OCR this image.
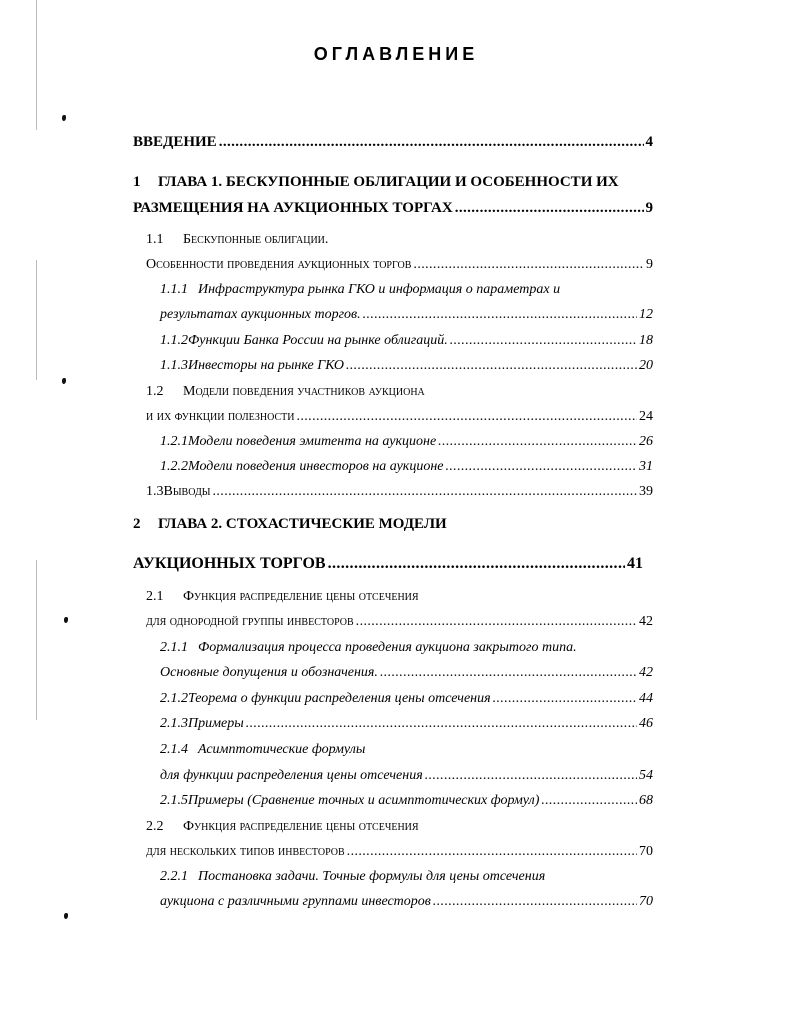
ОГЛАВЛЕНИЕ
ВВЕДЕНИЕ .....	4
1 ГЛАВА 1. БЕСКУПОННЫЕ ОБЛИГАЦИИ И ОСОБЕННОСТИ ИХ
РАЗМЕЩЕНИЯ НА АУКЦИОННЫХ ТОРГАХ .....	9
1.1 Бескупонные облигации.
Особенности проведения аукционных торгов .....	9
1.1.1 Инфраструктура рынка ГКО и информация о параметрах и
результатах аукционных торгов. .....	12
1.1.2 Функции Банка России на рынке облигаций. .....	18
1.1.3 Инвесторы на рынке ГКО .....	20
1.2 Модели поведения участников аукциона
и их функции полезности .....	24
1.2.1 Модели поведения эмитента на аукционе .....	26
1.2.2 Модели поведения инвесторов на аукционе .....	31
1.3 Выводы .....	39
2 ГЛАВА 2. СТОХАСТИЧЕСКИЕ МОДЕЛИ
АУКЦИОННЫХ ТОРГОВ .....	41
2.1 Функция распределение цены отсечения
для однородной группы инвесторов .....	42
2.1.1 Формализация процесса проведения аукциона закрытого типа.
Основные допущения и обозначения. .....	42
2.1.2 Теорема о функции распределения цены отсечения .....	44
2.1.3 Примеры .....	46
2.1.4 Асимптотические формулы
для функции распределения цены отсечения .....	54
2.1.5 Примеры (Сравнение точных и асимптотических формул) .....	68
2.2 Функция распределение цены отсечения
для нескольких типов инвесторов .....	70
2.2.1 Постановка задачи. Точные формулы для цены отсечения
аукциона с различными группами инвесторов .....	70
